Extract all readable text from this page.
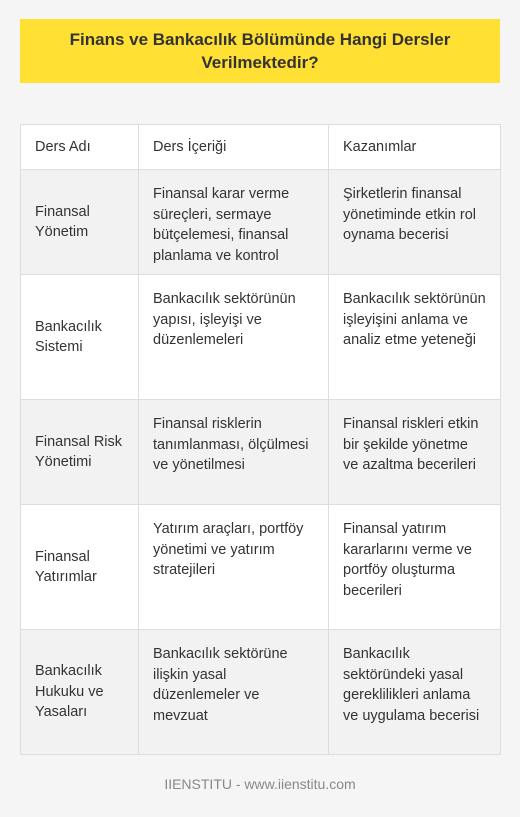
Finans ve Bankacılık Bölümünde Hangi Dersler Verilmektedir?
Ders Adı	Ders İçeriği	Kazanımlar
Finansal Yönetim	Finansal karar verme süreçleri, sermaye bütçelemesi, finansal planlama ve kontrol	Şirketlerin finansal yönetiminde etkin rol oynama becerisi
Bankacılık Sistemi	Bankacılık sektörünün yapısı, işleyişi ve düzenlemeleri	Bankacılık sektörünün işleyişini anlama ve analiz etme yeteneği
Finansal Risk Yönetimi	Finansal risklerin tanımlanması, ölçülmesi ve yönetilmesi	Finansal riskleri etkin bir şekilde yönetme ve azaltma becerileri
Finansal Yatırımlar	Yatırım araçları, portföy yönetimi ve yatırım stratejileri	Finansal yatırım kararlarını verme ve portföy oluşturma becerileri
Bankacılık Hukuku ve Yasaları	Bankacılık sektörüne ilişkin yasal düzenlemeler ve mevzuat	Bankacılık sektöründeki yasal gereklilikleri anlama ve uygulama becerisi
IIENSTITU - www.iienstitu.com
